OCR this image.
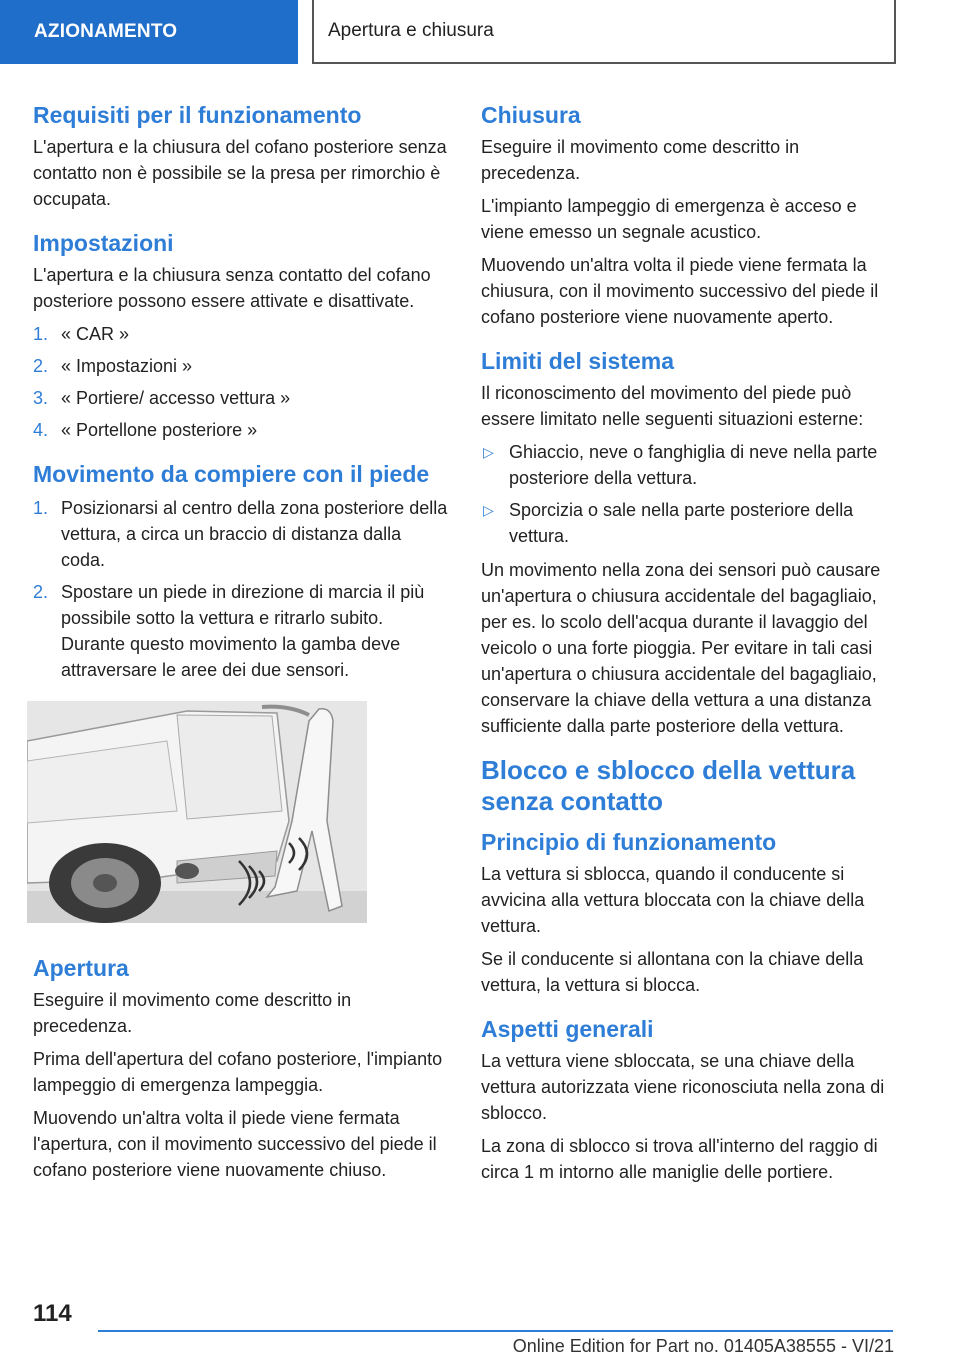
AZIONAMENTO	Apertura e chiusura
Requisiti per il funzionamento

L'apertura e la chiusura del cofano posteriore senza contatto non è possibile se la presa per rimorchio è occupata.

Impostazioni

L'apertura e la chiusura senza contatto del cofano posteriore possono essere attivate e disattivate.

1. « CAR »
2. « Impostazioni »
3. « Portiere/ accesso vettura »
4. « Portellone posteriore »
Movimento da compiere con il piede
1. Posizionarsi al centro della zona posteriore della vettura, a circa un braccio di distanza dalla coda.
2. Spostare un piede in direzione di marcia il più possibile sotto la vettura e ritrarlo subito. Durante questo movimento la gamba deve attraversare le aree dei due sensori.
Apertura

Eseguire il movimento come descritto in precedenza.

Prima dell'apertura del cofano posteriore, l'impianto lampeggio di emergenza lampeggia.

Muovendo un'altra volta il piede viene fermata l'apertura, con il movimento successivo del piede il cofano posteriore viene nuovamente chiuso.

Chiusura

Eseguire il movimento come descritto in precedenza.

L'impianto lampeggio di emergenza è acceso e viene emesso un segnale acustico.

Muovendo un'altra volta il piede viene fermata la chiusura, con il movimento successivo del piede il cofano posteriore viene nuovamente aperto.

Limiti del sistema

Il riconoscimento del movimento del piede può essere limitato nelle seguenti situazioni esterne:

▷ Ghiaccio, neve o fanghiglia di neve nella parte posteriore della vettura.
▷ Sporcizia o sale nella parte posteriore della vettura.

Un movimento nella zona dei sensori può causare un'apertura o chiusura accidentale del bagagliaio, per es. lo scolo dell'acqua durante il lavaggio del veicolo o una forte pioggia. Per evitare in tali casi un'apertura o chiusura accidentale del bagagliaio, conservare la chiave della vettura a una distanza sufficiente dalla parte posteriore della vettura.

Blocco e sblocco della vettura senza contatto
Principio di funzionamento

La vettura si sblocca, quando il conducente si avvicina alla vettura bloccata con la chiave della vettura.

Se il conducente si allontana con la chiave della vettura, la vettura si blocca.

Aspetti generali

La vettura viene sbloccata, se una chiave della vettura autorizzata viene riconosciuta nella zona di sblocco.

La zona di sblocco si trova all'interno del raggio di circa 1 m intorno alle maniglie delle portiere.

114
Online Edition for Part no. 01405A38555 - VI/21
